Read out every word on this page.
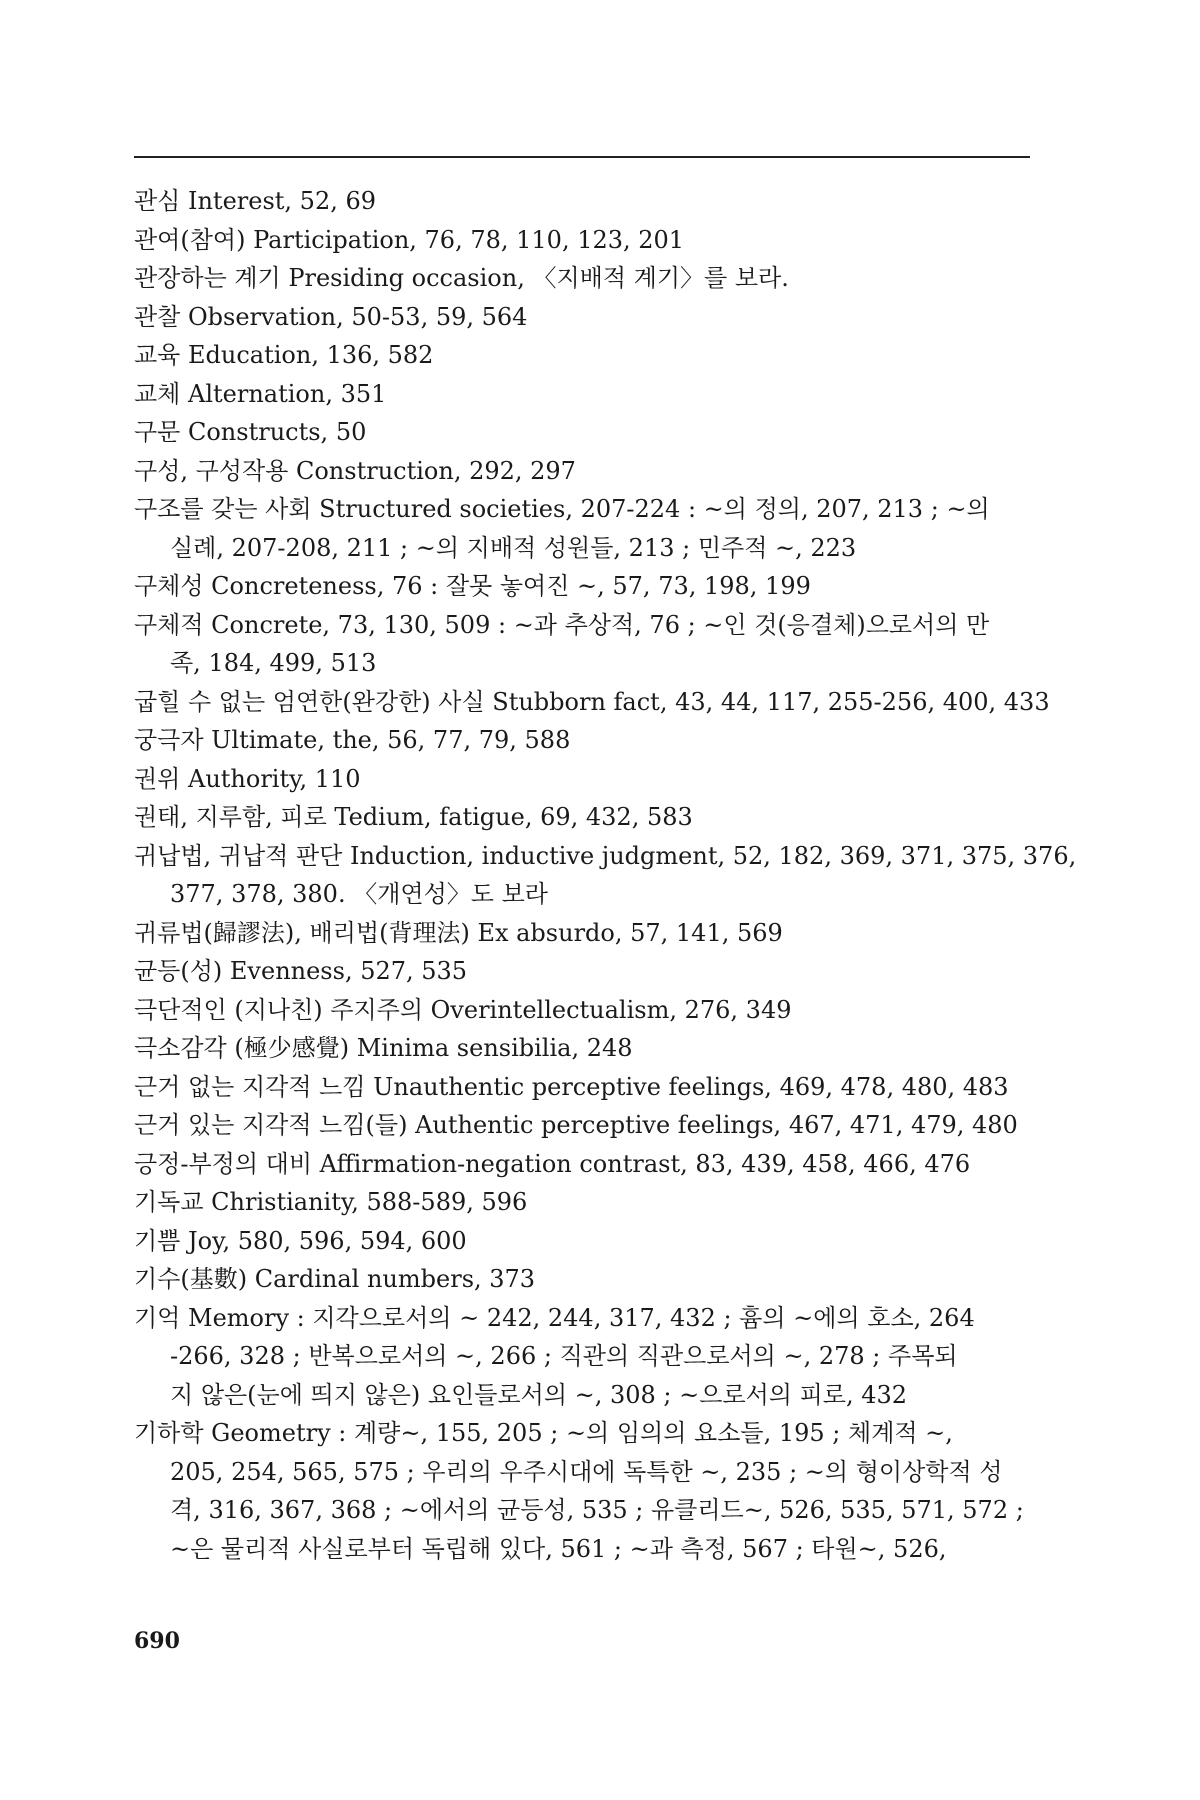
관심 Interest, 52, 69
관여(참여) Participation, 76, 78, 110, 123, 201
관장하는 계기 Presiding occasion, 〈지배적 계기〉를 보라.
관찰 Observation, 50-53, 59, 564
교육 Education, 136, 582
교체 Alternation, 351
구문 Constructs, 50
구성, 구성작용 Construction, 292, 297
구조를 갖는 사회 Structured societies, 207-224 : ~의 정의, 207, 213 ; ~의
실례, 207-208, 211 ; ~의 지배적 성원들, 213 ; 민주적 ~, 223
구체성 Concreteness, 76 : 잘못 놓여진 ~, 57, 73, 198, 199
구체적 Concrete, 73, 130, 509 : ~과 추상적, 76 ; ~인 것(응결체)으로서의 만
족, 184, 499, 513
굽힐 수 없는 엄연한(완강한) 사실 Stubborn fact, 43, 44, 117, 255-256, 400, 433
궁극자 Ultimate, the, 56, 77, 79, 588
권위 Authority, 110
권태, 지루함, 피로 Tedium, fatigue, 69, 432, 583
귀납법, 귀납적 판단 Induction, inductive judgment, 52, 182, 369, 371, 375, 376,
377, 378, 380. 〈개연성〉도 보라
귀류법(歸謬法), 배리법(背理法) Ex absurdo, 57, 141, 569
균등(성) Evenness, 527, 535
극단적인 (지나친) 주지주의 Overintellectualism, 276, 349
극소감각 (極少感覺) Minima sensibilia, 248
근거 없는 지각적 느낌 Unauthentic perceptive feelings, 469, 478, 480, 483
근거 있는 지각적 느낌(들) Authentic perceptive feelings, 467, 471, 479, 480
긍정-부정의 대비 Affirmation-negation contrast, 83, 439, 458, 466, 476
기독교 Christianity, 588-589, 596
기쁨 Joy, 580, 596, 594, 600
기수(基數) Cardinal numbers, 373
기억 Memory : 지각으로서의 ~ 242, 244, 317, 432 ; 흄의 ~에의 호소, 264
-266, 328 ; 반복으로서의 ~, 266 ; 직관의 직관으로서의 ~, 278 ; 주목되
지 않은(눈에 띄지 않은) 요인들로서의 ~, 308 ; ~으로서의 피로, 432
기하학 Geometry : 계량~, 155, 205 ; ~의 임의의 요소들, 195 ; 체계적 ~,
205, 254, 565, 575 ; 우리의 우주시대에 독특한 ~, 235 ; ~의 형이상학적 성
격, 316, 367, 368 ; ~에서의 균등성, 535 ; 유클리드~, 526, 535, 571, 572 ;
~은 물리적 사실로부터 독립해 있다, 561 ; ~과 측정, 567 ; 타원~, 526,
690
